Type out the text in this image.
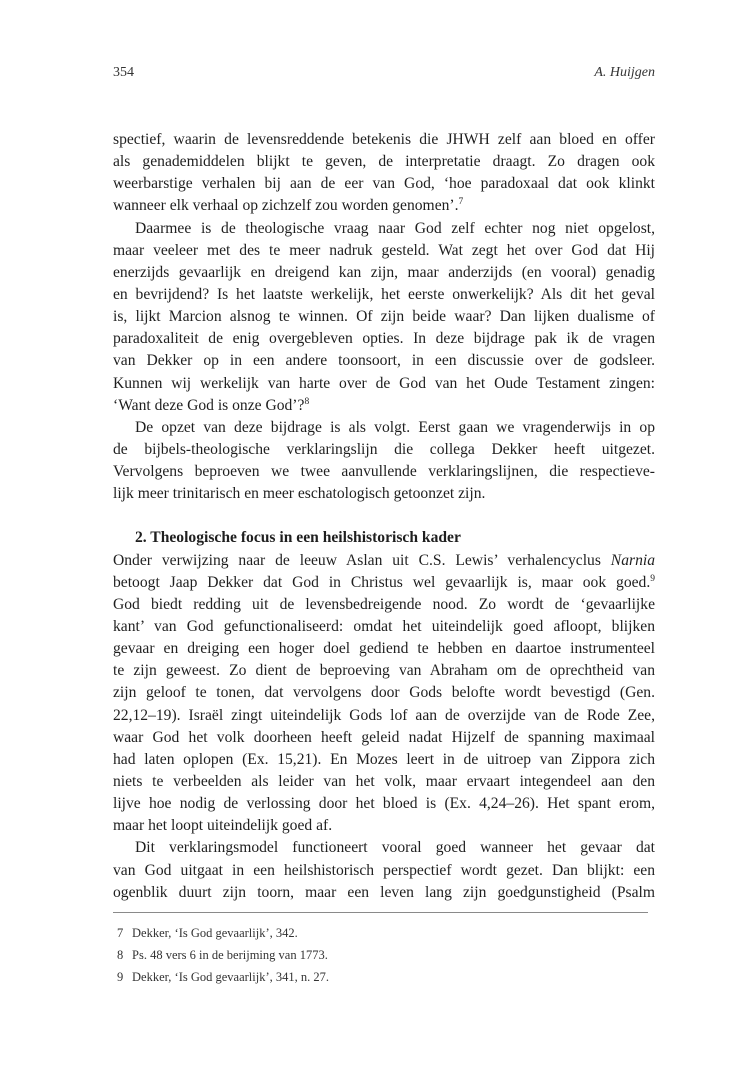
354	A. Huijgen
spectief, waarin de levensreddende betekenis die JHWH zelf aan bloed en offer
als genademiddelen blijkt te geven, de interpretatie draagt. Zo dragen ook
weerbarstige verhalen bij aan de eer van God, ‘hoe paradoxaal dat ook klinkt
wanneer elk verhaal op zichzelf zou worden genomen’.$^7$
Daarmee is de theologische vraag naar God zelf echter nog niet opgelost,
maar veeleer met des te meer nadruk gesteld. Wat zegt het over God dat Hij
enerzijds gevaarlijk en dreigend kan zijn, maar anderzijds (en vooral) genadig
en bevrijdend? Is het laatste werkelijk, het eerste onwerkelijk? Als dit het geval
is, lijkt Marcion alsnog te winnen. Of zijn beide waar? Dan lijken dualisme of
paradoxaliteit de enig overgebleven opties. In deze bijdrage pak ik de vragen
van Dekker op in een andere toonsoort, in een discussie over de godsleer.
Kunnen wij werkelijk van harte over de God van het Oude Testament zingen:
‘Want deze God is onze God’?$^8$
De opzet van deze bijdrage is als volgt. Eerst gaan we vragenderwijs in op
de bijbels-theologische verklaringslijn die collega Dekker heeft uitgezet.
Vervolgens beproeven we twee aanvullende verklaringslijnen, die respectieve-
lijk meer trinitarisch en meer eschatologisch getoonzet zijn.
2. Theologische focus in een heilshistorisch kader
Onder verwijzing naar de leeuw Aslan uit C.S. Lewis’ verhalencyclus Narnia
betoogt Jaap Dekker dat God in Christus wel gevaarlijk is, maar ook goed.$^9$
God biedt redding uit de levensbedreigende nood. Zo wordt de ‘gevaarlijke
kant’ van God gefunctionaliseerd: omdat het uiteindelijk goed afloopt, blijken
gevaar en dreiging een hoger doel gediend te hebben en daartoe instrumenteel
te zijn geweest. Zo dient de beproeving van Abraham om de oprechtheid van
zijn geloof te tonen, dat vervolgens door Gods belofte wordt bevestigd (Gen.
22,12–19). Israël zingt uiteindelijk Gods lof aan de overzijde van de Rode Zee,
waar God het volk doorheen heeft geleid nadat Hijzelf de spanning maximaal
had laten oplopen (Ex. 15,21). En Mozes leert in de uitroep van Zippora zich
niets te verbeelden als leider van het volk, maar ervaart integendeel aan den
lijve hoe nodig de verlossing door het bloed is (Ex. 4,24–26). Het spant erom,
maar het loopt uiteindelijk goed af.
Dit verklaringsmodel functioneert vooral goed wanneer het gevaar dat
van God uitgaat in een heilshistorisch perspectief wordt gezet. Dan blijkt: een
ogenblik duurt zijn toorn, maar een leven lang zijn goedgunstigheid (Psalm
7 Dekker, ‘Is God gevaarlijk’, 342.
8 Ps. 48 vers 6 in de berijming van 1773.
9 Dekker, ‘Is God gevaarlijk’, 341, n. 27.
